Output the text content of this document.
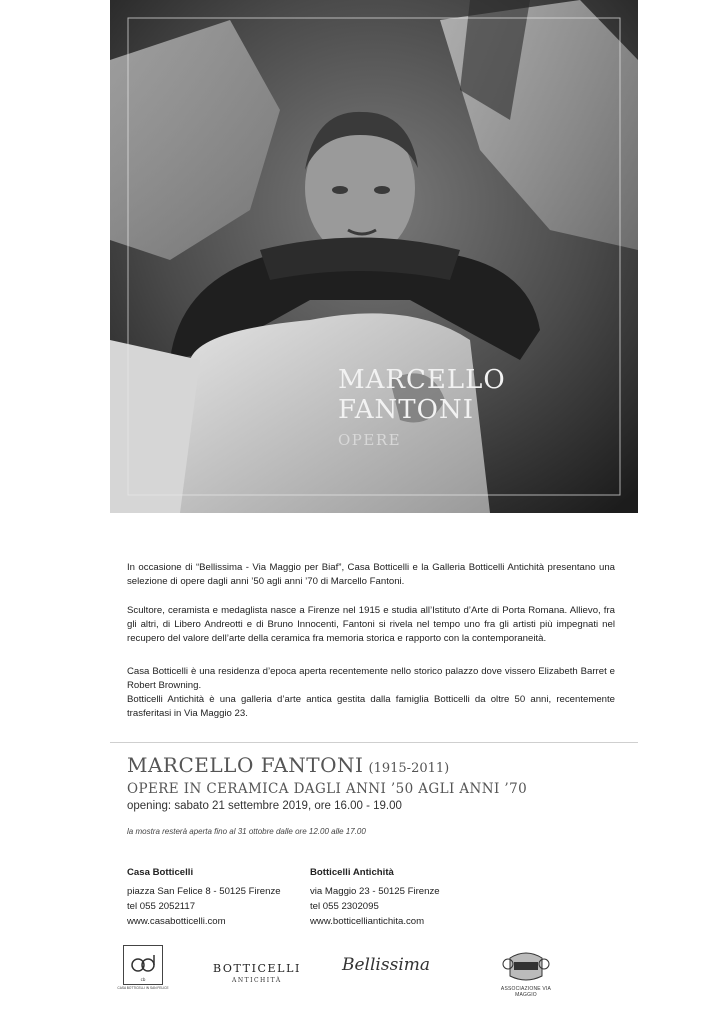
MARCELLO
FANTONI
OPERE

In occasione di “Bellissima - Via Maggio per Biaf”, Casa Botticelli e la Galleria Botticelli Antichità presentano una selezione di opere dagli anni ’50 agli anni ’70 di Marcello Fantoni.

Scultore, ceramista e medaglista nasce a Firenze nel 1915 e studia all’Istituto d’Arte di Porta Romana. Allievo, fra gli altri, di Libero Andreotti e di Bruno Innocenti, Fantoni si rivela nel tempo uno fra gli artisti più impegnati nel recupero del valore dell’arte della ceramica fra memoria storica e rapporto con la contemporaneità.

Casa Botticelli è una residenza d’epoca aperta recentemente nello storico palazzo dove vissero Elizabeth Barret e Robert Browning.

Botticelli Antichità è una galleria d’arte antica gestita dalla famiglia Botticelli da oltre 50 anni, recentemente trasferitasi in Via Maggio 23.

MARCELLO FANTONI (1915-2011)
OPERE IN CERAMICA DAGLI ANNI ’50 AGLI ANNI ’70
opening: sabato 21 settembre 2019, ore 16.00 - 19.00
la mostra resterà aperta fino al 31 ottobre dalle ore 12.00 alle 17.00
Casa Botticelli
piazza San Felice 8 - 50125 Firenze
tel 055 2052117
www.casabotticelli.com
Botticelli Antichità
via Maggio 23 - 50125 Firenze
tel 055 2302095
www.botticelliantichita.com
cb
CASA BOTTICELLI IN SAN FELICE
BOTTICELLI
ANTICHITÀ
Bellissima
ASSOCIAZIONE VIA MAGGIO
